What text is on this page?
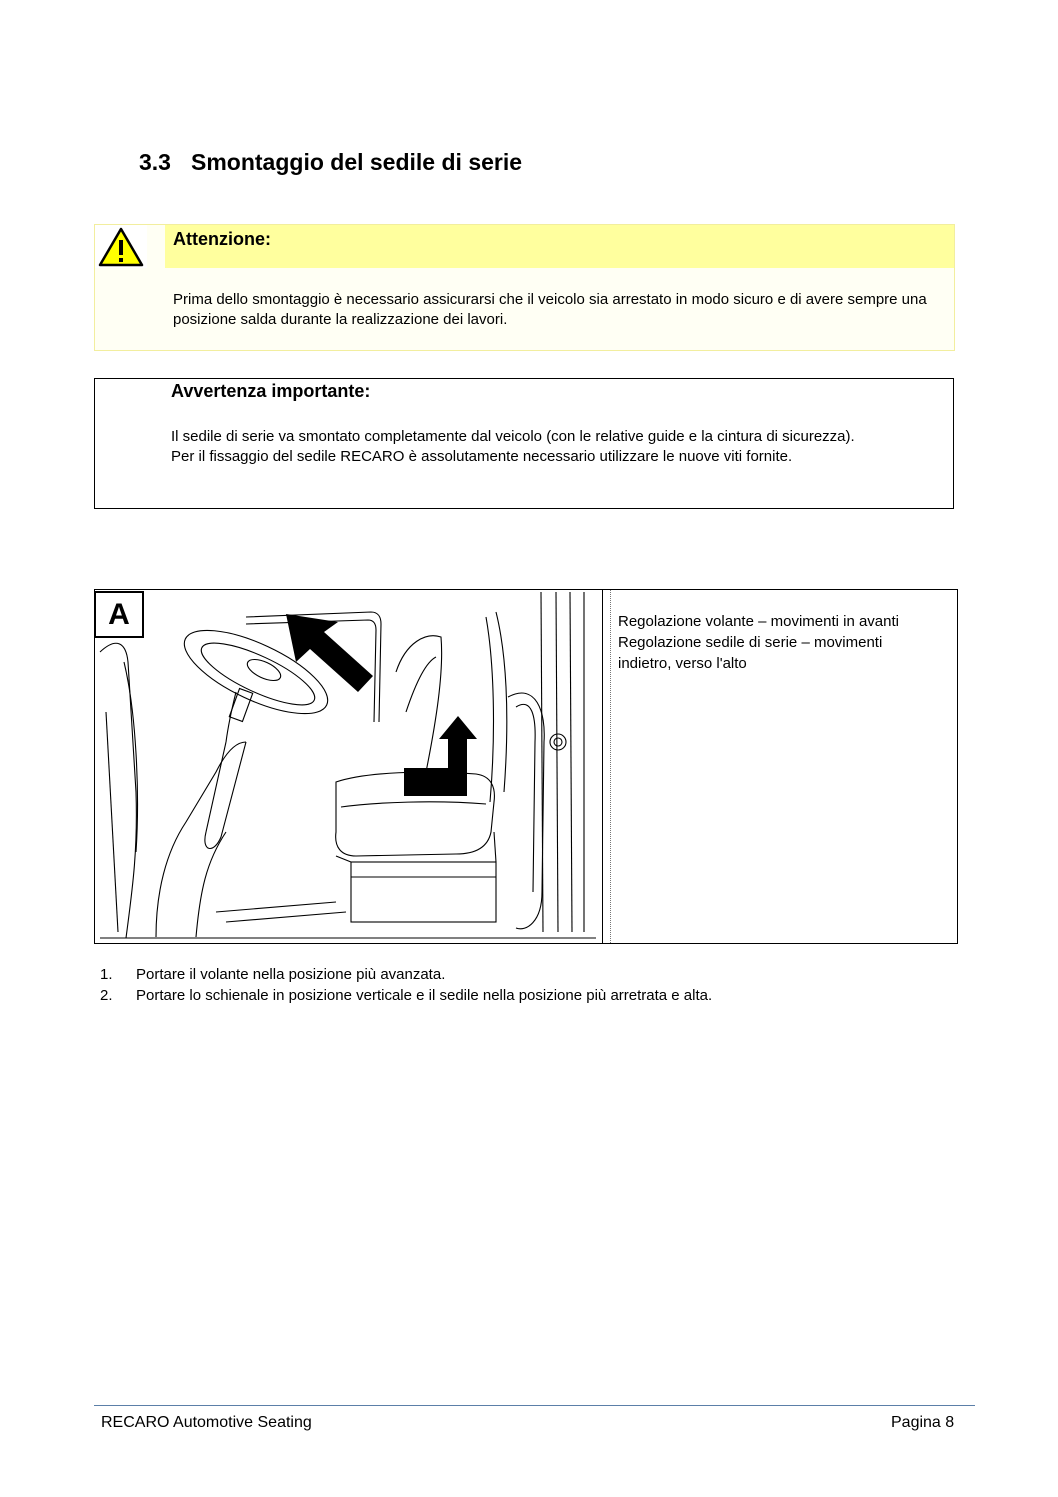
3.3 Smontaggio del sedile di serie
Attenzione:
Prima dello smontaggio è necessario assicurarsi che il veicolo sia arrestato in modo sicuro e di avere sempre una posizione salda durante la realizzazione dei lavori.
Avvertenza importante:

Il sedile di serie va smontato completamente dal veicolo (con le relative guide e la cintura di sicurezza).

Per il fissaggio del sedile RECARO è assolutamente necessario utilizzare le nuove viti fornite.

A	Regolazione volante – movimenti in avanti
Regolazione sedile di serie – movimenti
indietro, verso l'alto
1. Portare il volante nella posizione più avanzata.
2. Portare lo schienale in posizione verticale e il sedile nella posizione più arretrata e alta.
RECARO Automotive Seating	Pagina 8
